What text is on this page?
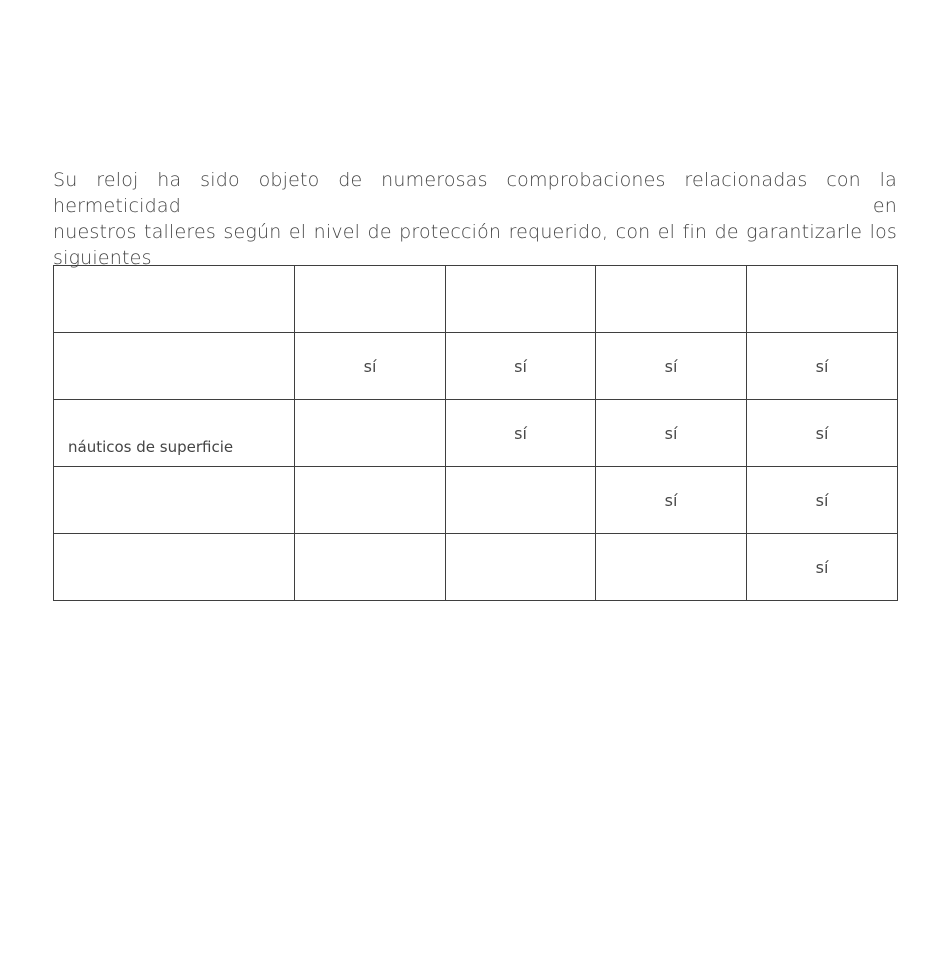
Su reloj ha sido objeto de numerosas comprobaciones relacionadas con la hermeticidad en
nuestros talleres según el nivel de protección requerido, con el fin de garantizarle los siguientes

	sí	sí	sí	sí
náuticos de superficie		sí	sí	sí
			sí	sí
				sí
